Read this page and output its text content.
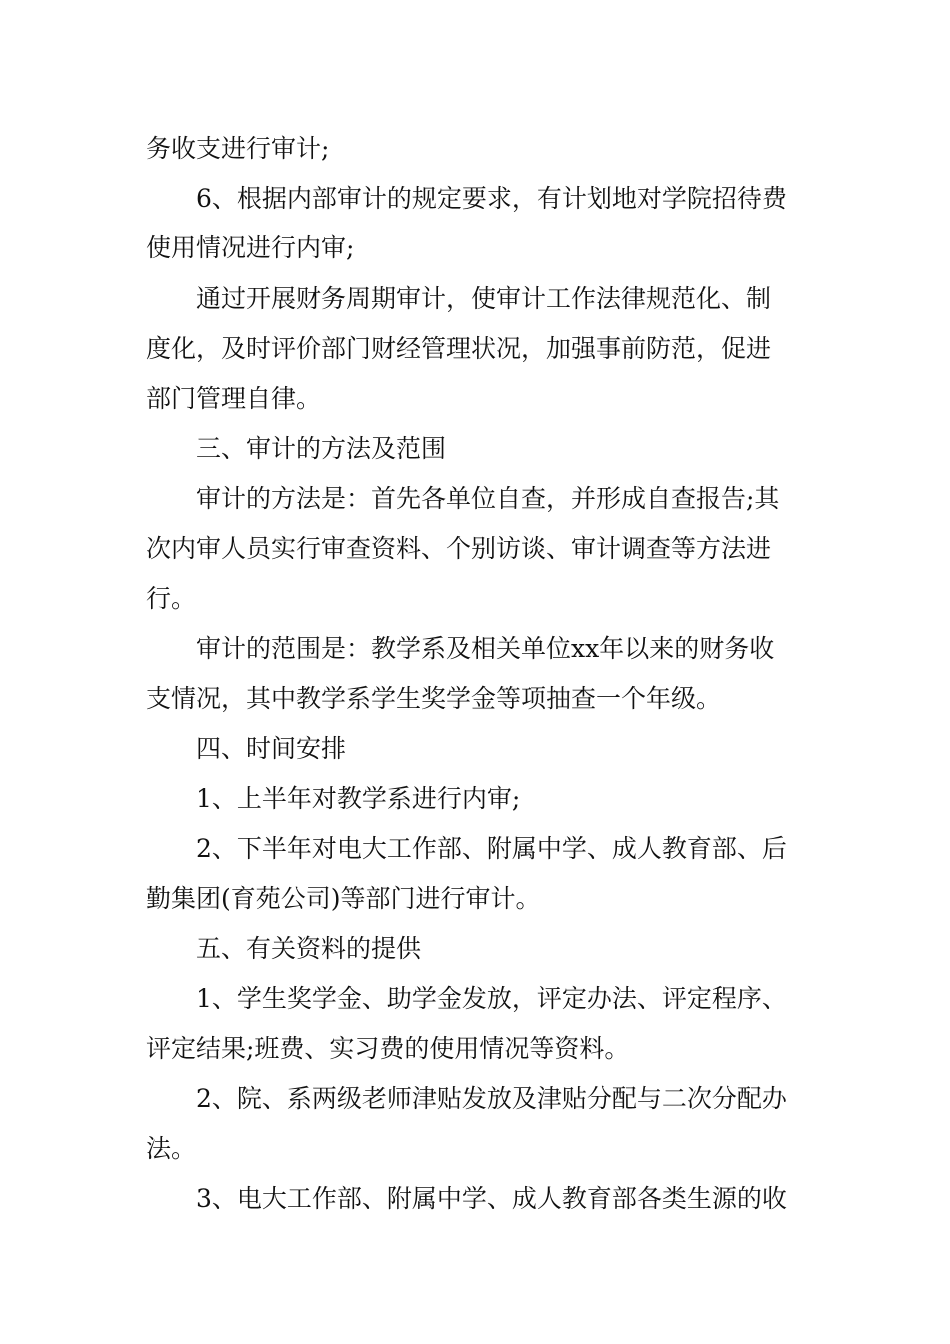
务收支进行审计;
6、根据内部审计的规定要求，有计划地对学院招待费
使用情况进行内审;
通过开展财务周期审计，使审计工作法律规范化、制
度化，及时评价部门财经管理状况，加强事前防范，促进
部门管理自律。
三、审计的方法及范围
审计的方法是：首先各单位自查，并形成自查报告;其
次内审人员实行审查资料、个别访谈、审计调查等方法进
行。
审计的范围是：教学系及相关单位xx年以来的财务收
支情况，其中教学系学生奖学金等项抽查一个年级。
四、时间安排
1、上半年对教学系进行内审;
2、下半年对电大工作部、附属中学、成人教育部、后
勤集团(育苑公司)等部门进行审计。
五、有关资料的提供
1、学生奖学金、助学金发放，评定办法、评定程序、
评定结果;班费、实习费的使用情况等资料。
2、院、系两级老师津贴发放及津贴分配与二次分配办
法。
3、电大工作部、附属中学、成人教育部各类生源的收
